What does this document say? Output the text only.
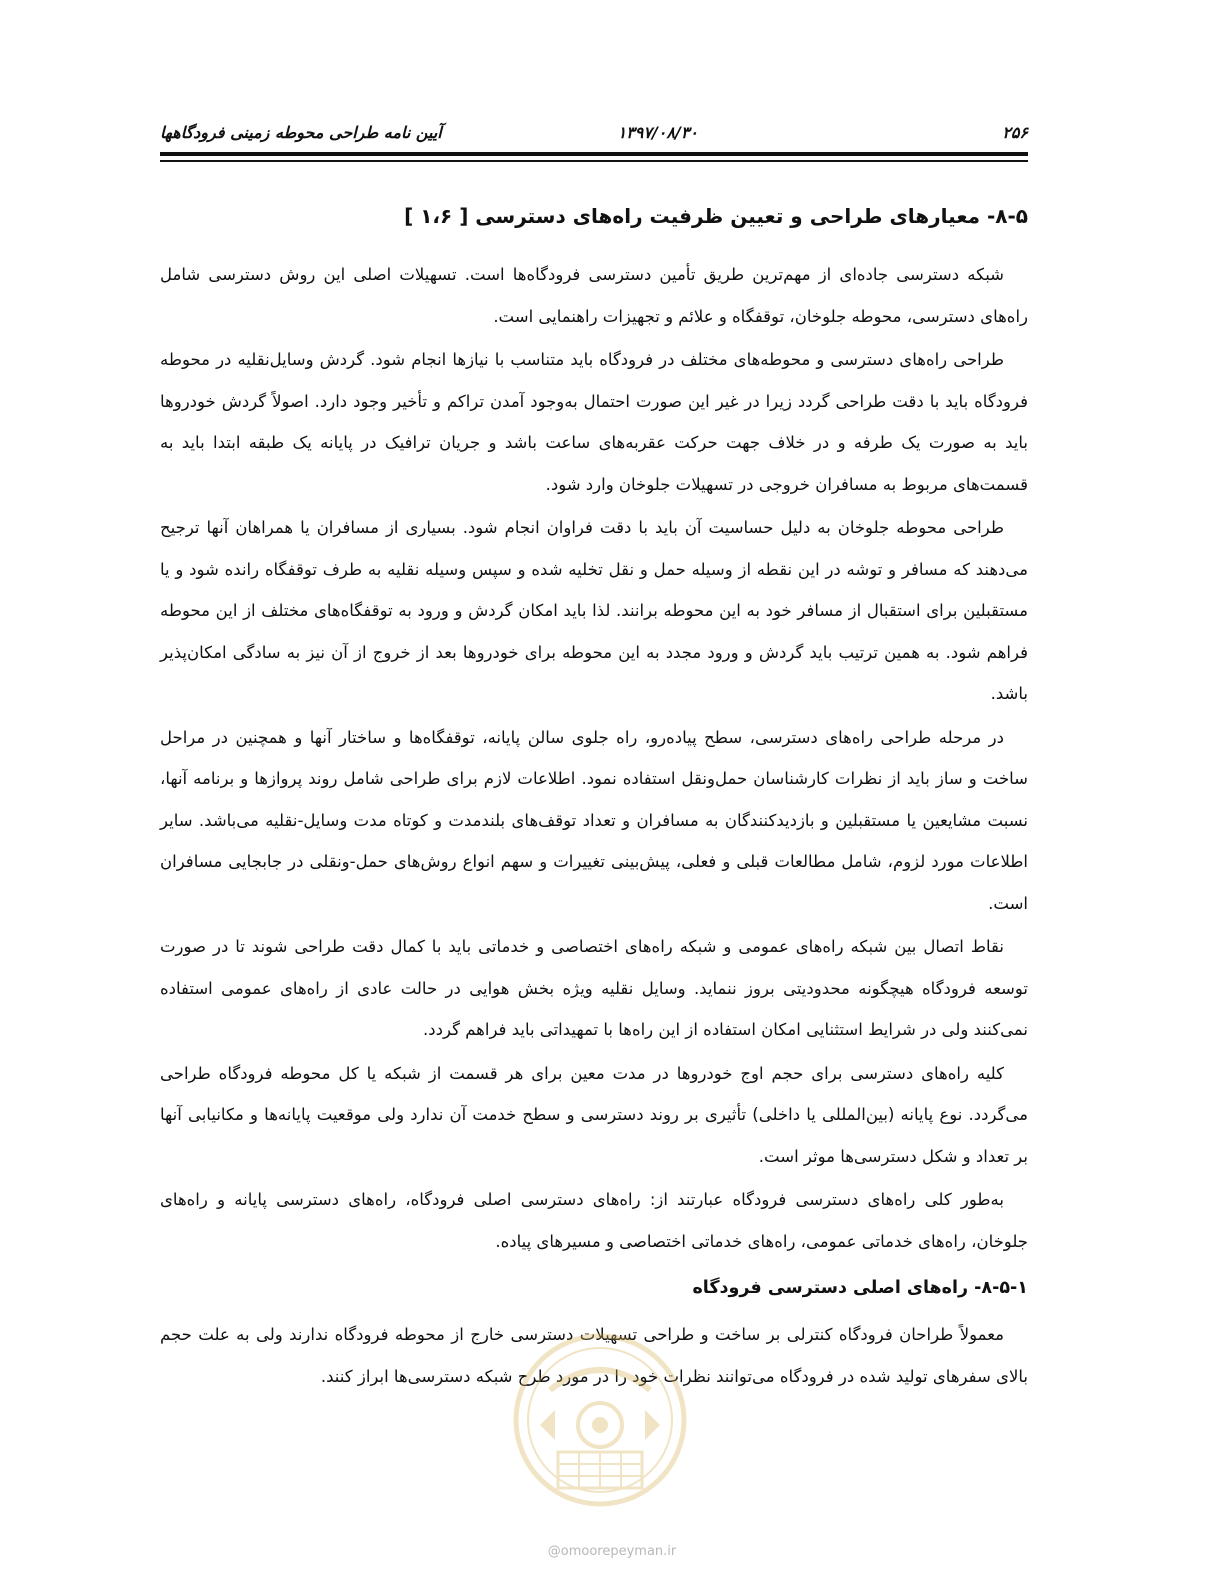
۲۵۶
۱۳۹۷/۰۸/۳۰
آیین نامه طراحی محوطه زمینی فرودگاهها
۸-۵- معیارهای طراحی و تعیین ظرفیت راه‌های دسترسی [ ۱،۶ ]

شبکه دسترسی جاده‌ای از مهم‌ترین طریق تأمین دسترسی فرودگاه‌ها است. تسهیلات اصلی این روش دسترسی شامل راه‌های دسترسی، محوطه جلوخان، توقفگاه و علائم و تجهیزات راهنمایی است.

طراحی راه‌های دسترسی و محوطه‌های مختلف در فرودگاه باید متناسب با نیازها انجام شود. گردش وسایل‌نقلیه در محوطه فرودگاه باید با دقت طراحی گردد زیرا در غیر این صورت احتمال به‌وجود آمدن تراکم و تأخیر وجود دارد. اصولاً گردش خودروها باید به صورت یک طرفه و در خلاف جهت حرکت عقربه‌های ساعت باشد و جریان ترافیک در پایانه یک طبقه ابتدا باید به قسمت‌های مربوط به مسافران خروجی در تسهیلات جلوخان وارد شود.

طراحی محوطه جلوخان به دلیل حساسیت آن باید با دقت فراوان انجام شود. بسیاری از مسافران یا همراهان آنها ترجیح می‌دهند که مسافر و توشه در این نقطه از وسیله حمل و نقل تخلیه شده و سپس وسیله نقلیه به طرف توقفگاه رانده شود و یا مستقبلین برای استقبال از مسافر خود به این محوطه برانند. لذا باید امکان گردش و ورود به توقفگاه‌های مختلف از این محوطه فراهم شود. به همین ترتیب باید گردش و ورود مجدد به این محوطه برای خودروها بعد از خروج از آن نیز به سادگی امکان‌پذیر باشد.

در مرحله طراحی راه‌های دسترسی، سطح پیاده‌رو، راه جلوی سالن پایانه، توقفگاه‌ها و ساختار آنها و همچنین در مراحل ساخت و ساز باید از نظرات کارشناسان حمل‌ونقل استفاده نمود. اطلاعات لازم برای طراحی شامل روند پروازها و برنامه آنها، نسبت مشایعین یا مستقبلین و بازدیدکنندگان به مسافران و تعداد توقف‌های بلندمدت و کوتاه مدت وسایل-نقلیه می‌باشد. سایر اطلاعات مورد لزوم، شامل مطالعات قبلی و فعلی، پیش‌بینی تغییرات و سهم انواع روش‌های حمل-ونقلی در جابجایی مسافران است.

نقاط اتصال بین شبکه راه‌های عمومی و شبکه راه‌های اختصاصی و خدماتی باید با کمال دقت طراحی شوند تا در صورت توسعه فرودگاه هیچگونه محدودیتی بروز ننماید. وسایل نقلیه ویژه بخش هوایی در حالت عادی از راه‌های عمومی استفاده نمی‌کنند ولی در شرایط استثنایی امکان استفاده از این راه‌ها با تمهیداتی باید فراهم گردد.

کلیه راه‌های دسترسی برای حجم اوج خودروها در مدت معین برای هر قسمت از شبکه یا کل محوطه فرودگاه طراحی می‌گردد. نوع پایانه (بین‌المللی یا داخلی) تأثیری بر روند دسترسی و سطح خدمت آن ندارد ولی موقعیت پایانه‌ها و مکانیابی آنها بر تعداد و شکل دسترسی‌ها موثر است.

به‌طور کلی راه‌های دسترسی فرودگاه عبارتند از: راه‌های دسترسی اصلی فرودگاه، راه‌های دسترسی پایانه و راه‌های جلوخان، راه‌های خدماتی عمومی، راه‌های خدماتی اختصاصی و مسیرهای پیاده.

۸-۵-۱- راه‌های اصلی دسترسی فرودگاه

معمولاً طراحان فرودگاه کنترلی بر ساخت و طراحی تسهیلات دسترسی خارج از محوطه فرودگاه ندارند ولی به علت حجم بالای سفرهای تولید شده در فرودگاه می‌توانند نظرات خود را در مورد طرح شبکه دسترسی‌ها ابراز کنند.

@omoorepeyman.ir
